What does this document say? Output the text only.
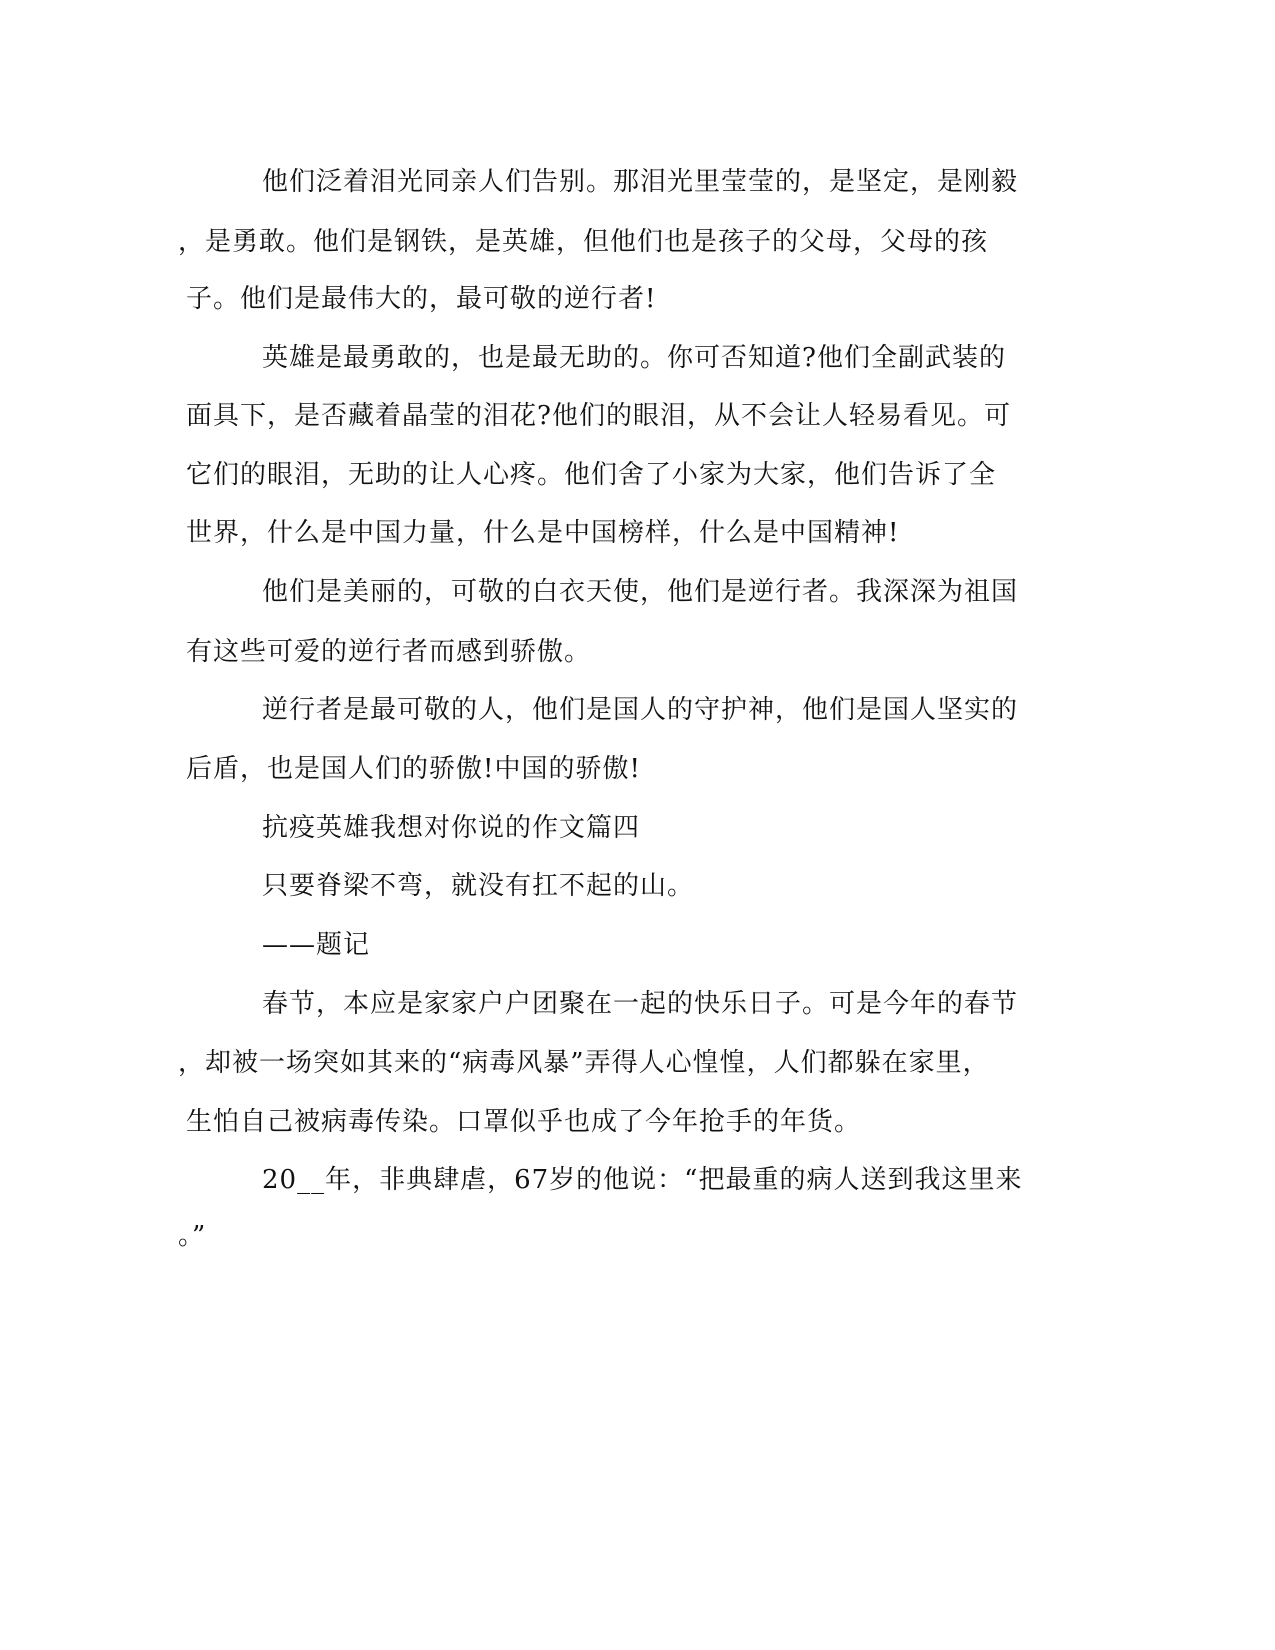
他们泛着泪光同亲人们告别。那泪光里莹莹的，是坚定，是刚毅
，是勇敢。他们是钢铁，是英雄，但他们也是孩子的父母，父母的孩
子。他们是最伟大的，最可敬的逆行者!
英雄是最勇敢的，也是最无助的。你可否知道?他们全副武装的
面具下，是否藏着晶莹的泪花?他们的眼泪，从不会让人轻易看见。可
它们的眼泪，无助的让人心疼。他们舍了小家为大家，他们告诉了全
世界，什么是中国力量，什么是中国榜样，什么是中国精神!
他们是美丽的，可敬的白衣天使，他们是逆行者。我深深为祖国
有这些可爱的逆行者而感到骄傲。
逆行者是最可敬的人，他们是国人的守护神，他们是国人坚实的
后盾，也是国人们的骄傲!中国的骄傲!
抗疫英雄我想对你说的作文篇四
只要脊梁不弯，就没有扛不起的山。
——题记
春节，本应是家家户户团聚在一起的快乐日子。可是今年的春节
，却被一场突如其来的“病毒风暴”弄得人心惶惶，人们都躲在家里，
生怕自己被病毒传染。口罩似乎也成了今年抢手的年货。
20__年，非典肆虐，67岁的他说：“把最重的病人送到我这里来
。”
